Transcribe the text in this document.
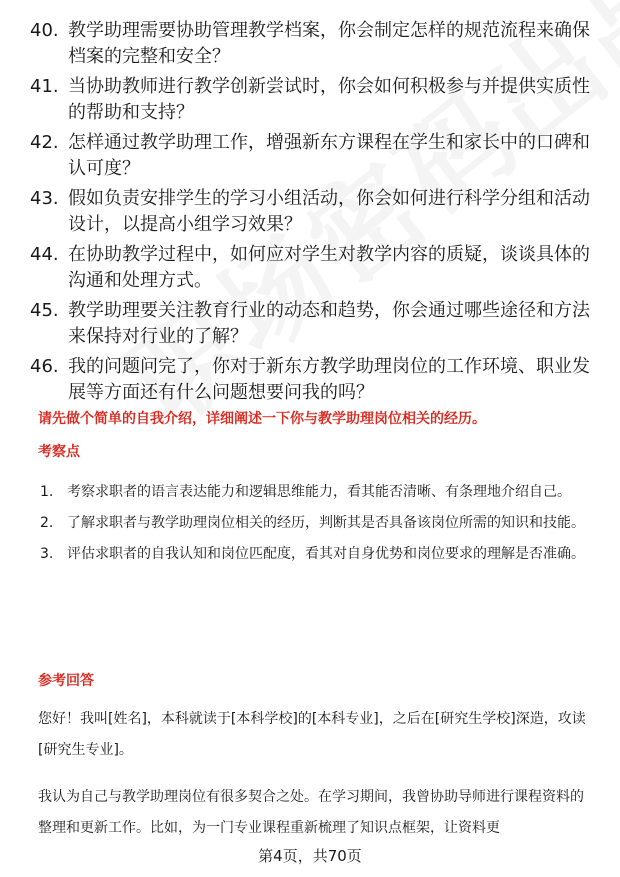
40. 教学助理需要协助管理教学档案，你会制定怎样的规范流程来确保档案的完整和安全？
41. 当协助教师进行教学创新尝试时，你会如何积极参与并提供实质性的帮助和支持？
42. 怎样通过教学助理工作，增强新东方课程在学生和家长中的口碑和认可度？
43. 假如负责安排学生的学习小组活动，你会如何进行科学分组和活动设计，以提高小组学习效果？
44. 在协助教学过程中，如何应对学生对教学内容的质疑，谈谈具体的沟通和处理方式。
45. 教学助理要关注教育行业的动态和趋势，你会通过哪些途径和方法来保持对行业的了解？
46. 我的问题问完了，你对于新东方教学助理岗位的工作环境、职业发展等方面还有什么问题想要问我的吗？
请先做个简单的自我介绍，详细阐述一下你与教学助理岗位相关的经历。
考察点
1. 考察求职者的语言表达能力和逻辑思维能力，看其能否清晰、有条理地介绍自己。
2. 了解求职者与教学助理岗位相关的经历，判断其是否具备该岗位所需的知识和技能。
3. 评估求职者的自我认知和岗位匹配度，看其对自身优势和岗位要求的理解是否准确。
参考回答

您好！我叫[姓名]，本科就读于[本科学校]的[本科专业]，之后在[研究生学校]深造，攻读[研究生专业]。

我认为自己与教学助理岗位有很多契合之处。在学习期间，我曾协助导师进行课程资料的整理和更新工作。比如，为一门专业课程重新梳理了知识点框架，让资料更

第4页，共70页
